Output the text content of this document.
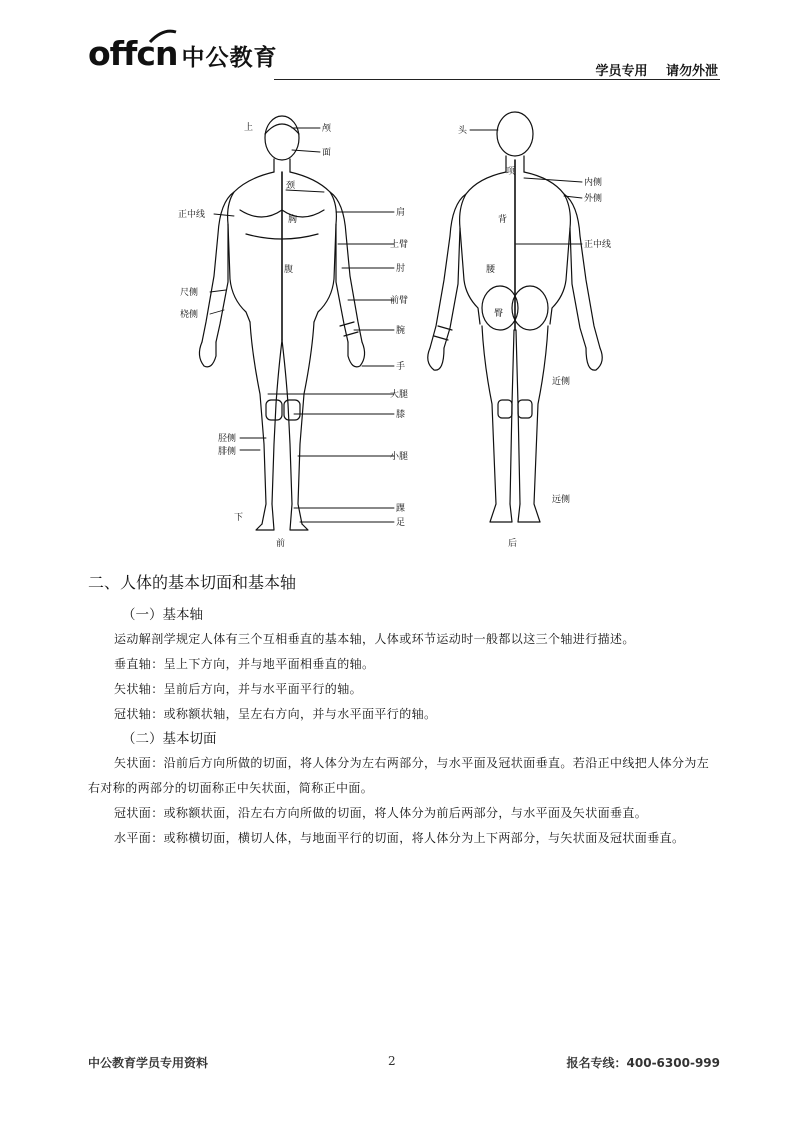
offcn 中公教育
学员专用 请勿外泄
上	颅
面
颈
正中线	胸
腹
尺侧
桡侧
肩
上臂
肘
前臂
腕
手
大腿
膝
胫侧
腓侧	小腿
踝
足
下
前
头
项
内侧
外侧
背
正中线
腰
臀
近侧
远侧
后
二、人体的基本切面和基本轴
（一）基本轴

运动解剖学规定人体有三个互相垂直的基本轴，人体或环节运动时一般都以这三个轴进行描述。

垂直轴：呈上下方向，并与地平面相垂直的轴。

矢状轴：呈前后方向，并与水平面平行的轴。

冠状轴：或称额状轴，呈左右方向，并与水平面平行的轴。

（二）基本切面

矢状面：沿前后方向所做的切面，将人体分为左右两部分，与水平面及冠状面垂直。若沿正中线把人体分为左右对称的两部分的切面称正中矢状面，简称正中面。

冠状面：或称额状面，沿左右方向所做的切面，将人体分为前后两部分，与水平面及矢状面垂直。

水平面：或称横切面，横切人体，与地面平行的切面，将人体分为上下两部分，与矢状面及冠状面垂直。

中公教育学员专用资料	2	报名专线：400-6300-999
